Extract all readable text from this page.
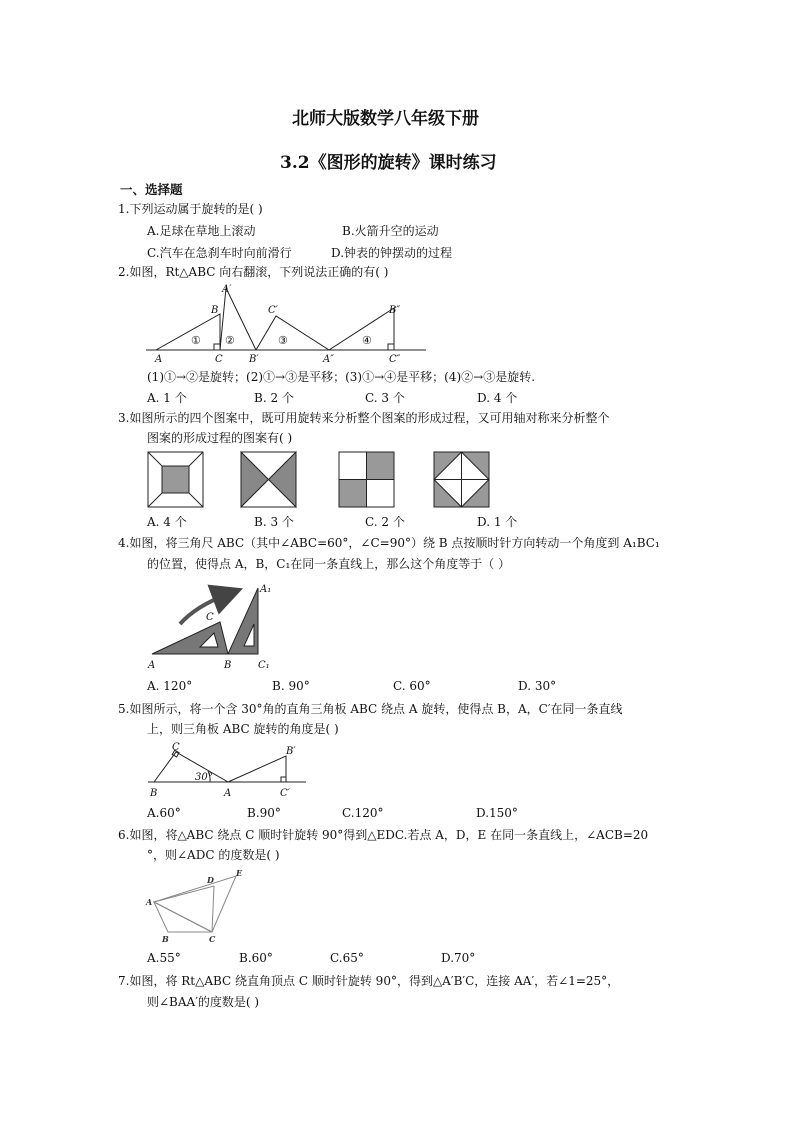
北师大版数学八年级下册
3.2《图形的旋转》课时练习
一、选择题
1.下列运动属于旋转的是( )
A.足球在草地上滚动	B.火箭升空的运动
C.汽车在急刹车时向前滑行	D.钟表的钟摆动的过程
2.如图，Rt△ABC 向右翻滚，下列说法正确的有( )
A
B
C
A′
B′
C′
A″
B″
C″
① ②	③	④
(1)①→②是旋转；(2)①→③是平移；(3)①→④是平移；(4)②→③是旋转.
A. 1 个	B. 2 个	C. 3 个	D. 4 个
3.如图所示的四个图案中，既可用旋转来分析整个图案的形成过程，又可用轴对称来分析整个
图案的形成过程的图案有( )
A. 4 个	B. 3 个	C. 2 个	D. 1 个
4.如图，将三角尺 ABC（其中∠ABC=60°，∠C=90°）绕 B 点按顺时针方向转动一个角度到 A₁BC₁
的位置，使得点 A，B，C₁在同一条直线上，那么这个角度等于（ ）
A	B
C
A₁
C₁
A. 120°	B. 90°	C. 60°	D. 30°
5.如图所示，将一个含 30°角的直角三角板 ABC 绕点 A 旋转，使得点 B，A，C′在同一条直线
上，则三角板 ABC 旋转的角度是( )
B	A
C
C′
B′
30°
A.60°	B.90°	C.120°	D.150°
6.如图，将△ABC 绕点 C 顺时针旋转 90°得到△EDC.若点 A，D，E 在同一条直线上，∠ACB=20
°，则∠ADC 的度数是( )
A
B	C
D
E
A.55°	B.60°	C.65°	D.70°
7.如图，将 Rt△ABC 绕直角顶点 C 顺时针旋转 90°，得到△A′B′C，连接 AA′，若∠1=25°，
则∠BAA′的度数是( )
